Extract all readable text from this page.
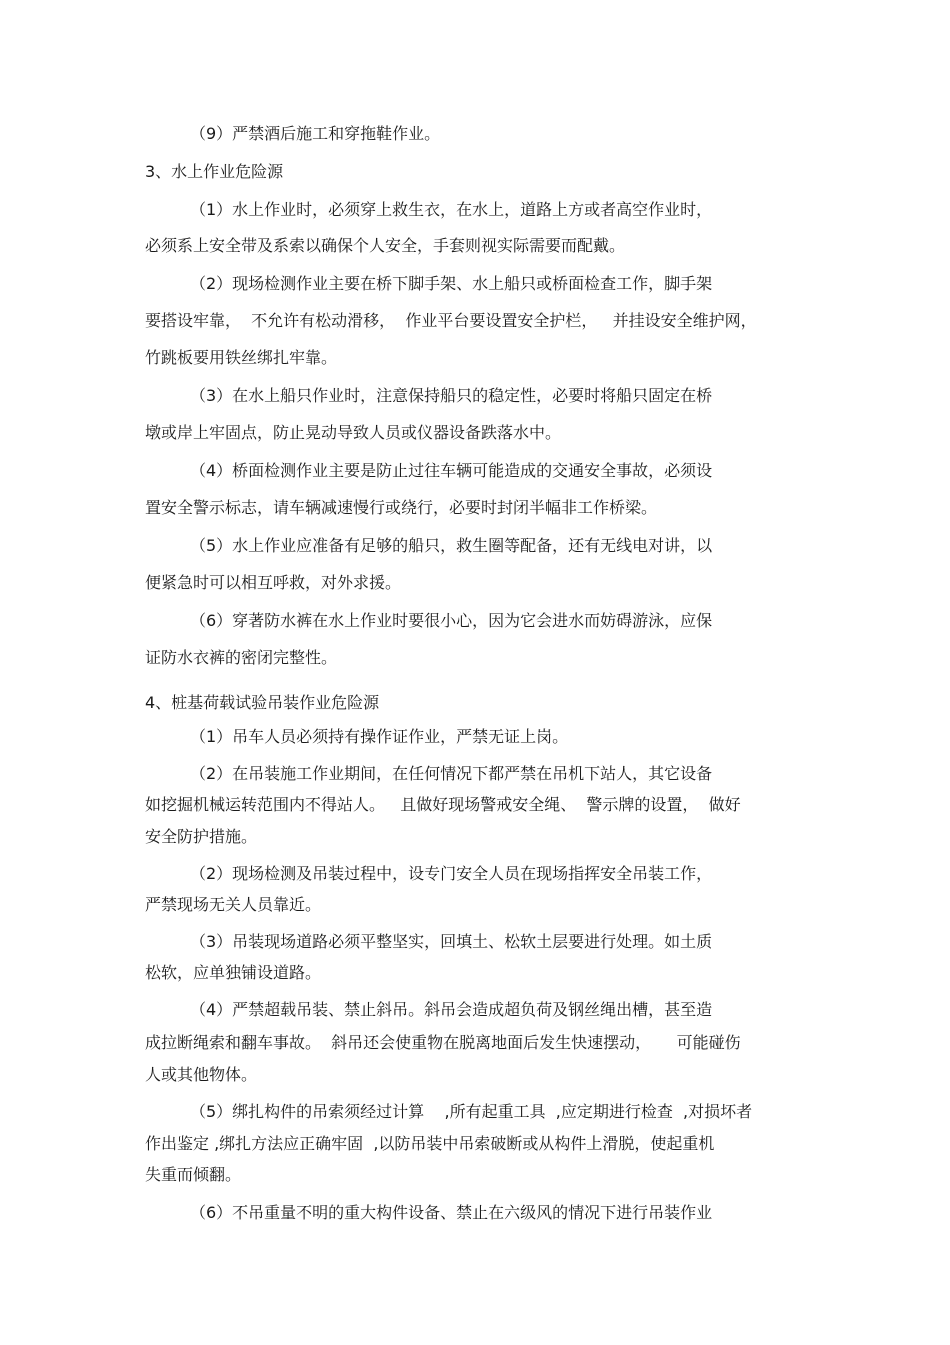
（9）严禁酒后施工和穿拖鞋作业。
3、水上作业危险源
（1）水上作业时，必须穿上救生衣，在水上，道路上方或者高空作业时，
必须系上安全带及系索以确保个人安全，手套则视实际需要而配戴。
（2）现场检测作业主要在桥下脚手架、水上船只或桥面检查工作，脚手架
要搭设牢靠，  不允许有松动滑移，  作业平台要设置安全护栏，   并挂设安全维护网，
竹跳板要用铁丝绑扎牢靠。
（3）在水上船只作业时，注意保持船只的稳定性，必要时将船只固定在桥
墩或岸上牢固点，防止晃动导致人员或仪器设备跌落水中。
（4）桥面检测作业主要是防止过往车辆可能造成的交通安全事故，必须设
置安全警示标志，请车辆减速慢行或绕行，必要时封闭半幅非工作桥梁。
（5）水上作业应准备有足够的船只，救生圈等配备，还有无线电对讲，以
便紧急时可以相互呼救，对外求援。
（6）穿著防水裤在水上作业时要很小心，因为它会进水而妨碍游泳，应保
证防水衣裤的密闭完整性。
4、桩基荷载试验吊装作业危险源
（1）吊车人员必须持有操作证作业，严禁无证上岗。
（2）在吊装施工作业期间，在任何情况下都严禁在吊机下站人，其它设备
如挖掘机械运转范围内不得站人。   且做好现场警戒安全绳、  警示牌的设置，  做好
安全防护措施。
（2）现场检测及吊装过程中，设专门安全人员在现场指挥安全吊装工作，
严禁现场无关人员靠近。
（3）吊装现场道路必须平整坚实，回填土、松软土层要进行处理。如土质
松软，应单独铺设道路。
（4）严禁超载吊装、禁止斜吊。斜吊会造成超负荷及钢丝绳出槽，甚至造
成拉断绳索和翻车事故。  斜吊还会使重物在脱离地面后发生快速摆动，     可能碰伤
人或其他物体。
（5）绑扎构件的吊索须经过计算    ,所有起重工具  ,应定期进行检查  ,对损坏者
作出鉴定 ,绑扎方法应正确牢固  ,以防吊装中吊索破断或从构件上滑脱，使起重机
失重而倾翻。
（6）不吊重量不明的重大构件设备、禁止在六级风的情况下进行吊装作业
